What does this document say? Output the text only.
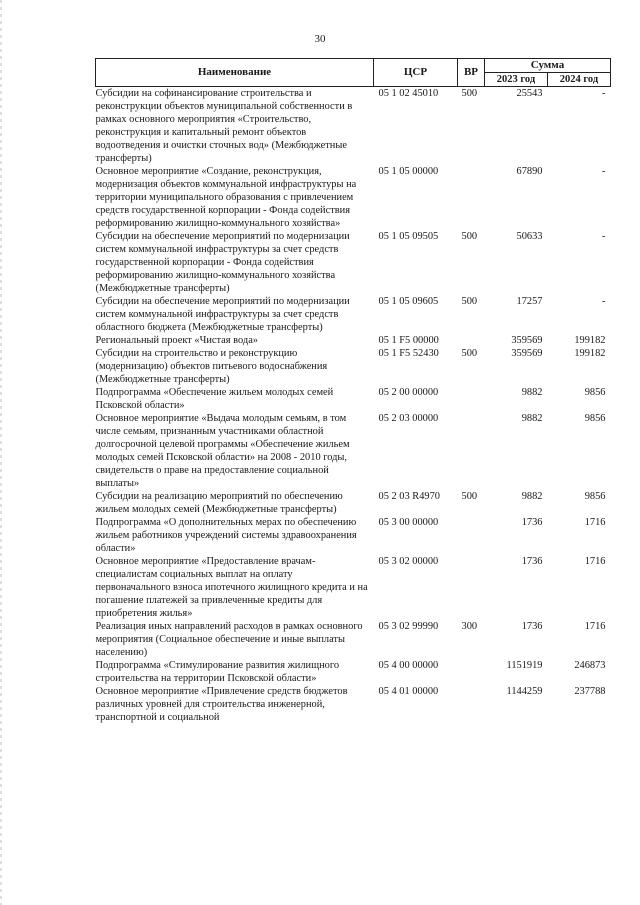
30
Наименование	ЦСР	ВР	Сумма	
			2023 год	2024 год
Субсидии на софинансирование строительства и реконструкции объектов муниципальной собственности в рамках основного мероприятия «Строительство, реконструкция и капитальный ремонт объектов водоотведения и очистки сточных вод» (Межбюджетные трансферты)	05 1 02 45010	500	25543	-
Основное мероприятие «Создание, реконструкция, модернизация объектов коммунальной инфраструктуры на территории муниципального образования с привлечением средств государственной корпорации - Фонда содействия реформированию жилищно-коммунального хозяйства»	05 1 05 00000		67890	-
Субсидии на обеспечение мероприятий по модернизации систем коммунальной инфраструктуры за счет средств государственной корпорации - Фонда содействия реформированию жилищно-коммунального хозяйства (Межбюджетные трансферты)	05 1 05 09505	500	50633	-
Субсидии на обеспечение мероприятий по модернизации систем коммунальной инфраструктуры за счет средств областного бюджета (Межбюджетные трансферты)	05 1 05 09605	500	17257	-
Региональный проект «Чистая вода»	05 1 F5 00000		359569	199182
Субсидии на строительство и реконструкцию (модернизацию) объектов питьевого водоснабжения (Межбюджетные трансферты)	05 1 F5 52430	500	359569	199182
Подпрограмма «Обеспечение жильем молодых семей Псковской области»	05 2 00 00000		9882	9856
Основное мероприятие «Выдача молодым семьям, в том числе семьям, признанным участниками областной долгосрочной целевой программы «Обеспечение жильем молодых семей Псковской области» на 2008 - 2010 годы, свидетельств о праве на предоставление социальной выплаты»	05 2 03 00000		9882	9856
Субсидии на реализацию мероприятий по обеспечению жильем молодых семей (Межбюджетные трансферты)	05 2 03 R4970	500	9882	9856
Подпрограмма «О дополнительных мерах по обеспечению жильем работников учреждений системы здравоохранения области»	05 3 00 00000		1736	1716
Основное мероприятие «Предоставление врачам-специалистам социальных выплат на оплату первоначального взноса ипотечного жилищного кредита и на погашение платежей за привлеченные кредиты для приобретения жилья»	05 3 02 00000		1736	1716
Реализация иных направлений расходов в рамках основного мероприятия (Социальное обеспечение и иные выплаты населению)	05 3 02 99990	300	1736	1716
Подпрограмма «Стимулирование развития жилищного строительства на территории Псковской области»	05 4 00 00000		1151919	246873
Основное мероприятие «Привлечение средств бюджетов различных уровней для строительства инженерной, транспортной и социальной	05 4 01 00000		1144259	237788
